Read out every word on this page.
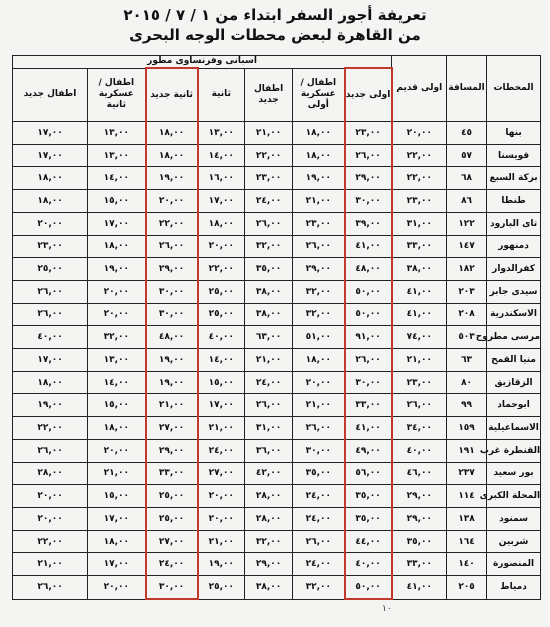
تعريفة أجور السفر ابتداء من ١ / ٧ / ٢٠١٥
من القاهرة لبعض محطات الوجه البحرى
المحطات	المسافة	اولى قديم	اسبانى وفرنساوى مطور						
			اولى جديد	اطفال /عسكرية أولى	اطفال جديد	ثانية	ثانية جديد	اطفال /عسكرية ثانية	اطفال جديد
بنها	٤٥	٢٠,٠٠	٢٣,٠٠	١٨,٠٠	٢١,٠٠	١٣,٠٠	١٨,٠٠	١٣,٠٠	١٧,٠٠
قويسنا	٥٧	٢٢,٠٠	٢٦,٠٠	١٨,٠٠	٢٢,٠٠	١٤,٠٠	١٨,٠٠	١٣,٠٠	١٧,٠٠
بركة السبع	٦٨	٢٢,٠٠	٢٩,٠٠	١٩,٠٠	٢٣,٠٠	١٦,٠٠	١٩,٠٠	١٤,٠٠	١٨,٠٠
طنطا	٨٦	٢٣,٠٠	٣٠,٠٠	٢١,٠٠	٢٤,٠٠	١٧,٠٠	٢٠,٠٠	١٥,٠٠	١٨,٠٠
تاى البارود	١٢٢	٣١,٠٠	٣٩,٠٠	٢٣,٠٠	٢٦,٠٠	١٨,٠٠	٢٢,٠٠	١٧,٠٠	٢٠,٠٠
دمنهور	١٤٧	٣٣,٠٠	٤١,٠٠	٢٦,٠٠	٣٢,٠٠	٢٠,٠٠	٢٦,٠٠	١٨,٠٠	٢٣,٠٠
كفرالدوار	١٨٢	٣٨,٠٠	٤٨,٠٠	٢٩,٠٠	٣٥,٠٠	٢٢,٠٠	٢٩,٠٠	١٩,٠٠	٢٥,٠٠
سيدى جابر	٢٠٣	٤١,٠٠	٥٠,٠٠	٣٢,٠٠	٣٨,٠٠	٢٥,٠٠	٣٠,٠٠	٢٠,٠٠	٢٦,٠٠
الاسكندرية	٢٠٨	٤١,٠٠	٥٠,٠٠	٣٢,٠٠	٣٨,٠٠	٢٥,٠٠	٣٠,٠٠	٢٠,٠٠	٢٦,٠٠
مرسى مطروح	٥٠٣	٧٤,٠٠	٩١,٠٠	٥١,٠٠	٦٣,٠٠	٤٠,٠٠	٤٨,٠٠	٣٢,٠٠	٤٠,٠٠
منيا القمح	٦٣	٢١,٠٠	٢٦,٠٠	١٨,٠٠	٢١,٠٠	١٤,٠٠	١٩,٠٠	١٣,٠٠	١٧,٠٠
الزقازيق	٨٠	٢٣,٠٠	٣٠,٠٠	٢٠,٠٠	٢٤,٠٠	١٥,٠٠	١٩,٠٠	١٤,٠٠	١٨,٠٠
ابوحماد	٩٩	٢٦,٠٠	٣٣,٠٠	٢١,٠٠	٢٦,٠٠	١٧,٠٠	٢١,٠٠	١٥,٠٠	١٩,٠٠
الاسماعيلية	١٥٩	٣٤,٠٠	٤١,٠٠	٢٦,٠٠	٣١,٠٠	٢١,٠٠	٢٧,٠٠	١٨,٠٠	٢٢,٠٠
القنطرة غرب	١٩١	٤٠,٠٠	٤٩,٠٠	٣٠,٠٠	٣٦,٠٠	٢٤,٠٠	٢٩,٠٠	٢٠,٠٠	٢٦,٠٠
بور سعيد	٢٣٧	٤٦,٠٠	٥٦,٠٠	٣٥,٠٠	٤٢,٠٠	٢٧,٠٠	٣٣,٠٠	٢١,٠٠	٢٨,٠٠
المحلة الكبرى	١١٤	٢٩,٠٠	٣٥,٠٠	٢٤,٠٠	٢٨,٠٠	٢٠,٠٠	٢٥,٠٠	١٥,٠٠	٢٠,٠٠
سمنود	١٣٨	٢٩,٠٠	٣٥,٠٠	٢٤,٠٠	٢٨,٠٠	٢٠,٠٠	٢٥,٠٠	١٧,٠٠	٢٠,٠٠
شربين	١٦٤	٣٥,٠٠	٤٤,٠٠	٢٦,٠٠	٣٢,٠٠	٢١,٠٠	٢٧,٠٠	١٨,٠٠	٢٢,٠٠
المنصورة	١٤٠	٣٣,٠٠	٤٠,٠٠	٢٤,٠٠	٢٩,٠٠	١٩,٠٠	٢٤,٠٠	١٧,٠٠	٢١,٠٠
دمياط	٢٠٥	٤١,٠٠	٥٠,٠٠	٣٢,٠٠	٣٨,٠٠	٢٥,٠٠	٣٠,٠٠	٢٠,٠٠	٢٦,٠٠
١٠
